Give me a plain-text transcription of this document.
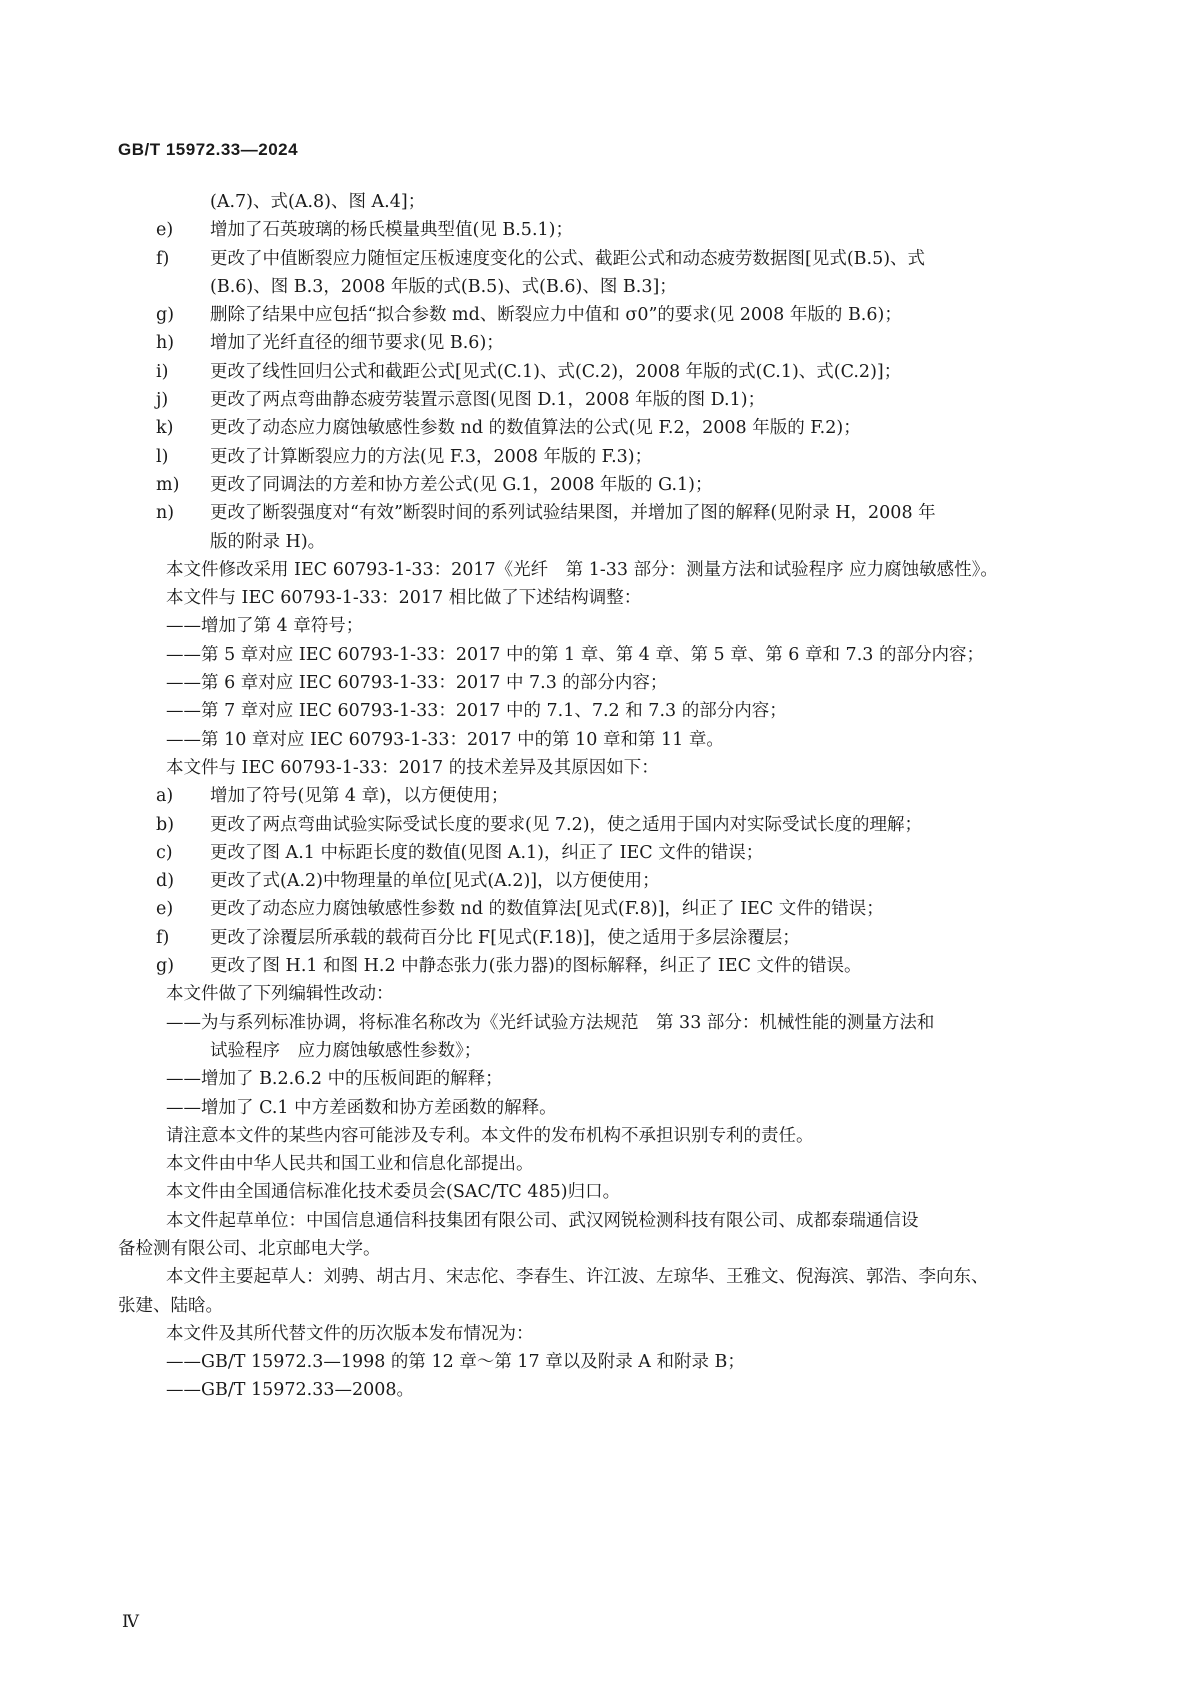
GB/T 15972.33—2024
(A.7)、式(A.8)、图 A.4]；
e) 增加了石英玻璃的杨氏模量典型值(见 B.5.1)；
f) 更改了中值断裂应力随恒定压板速度变化的公式、截距公式和动态疲劳数据图[见式(B.5)、式
(B.6)、图 B.3，2008 年版的式(B.5)、式(B.6)、图 B.3]；
g) 删除了结果中应包括“拟合参数 md、断裂应力中值和 σ0”的要求(见 2008 年版的 B.6)；
h) 增加了光纤直径的细节要求(见 B.6)；
i) 更改了线性回归公式和截距公式[见式(C.1)、式(C.2)，2008 年版的式(C.1)、式(C.2)]；
j) 更改了两点弯曲静态疲劳装置示意图(见图 D.1，2008 年版的图 D.1)；
k) 更改了动态应力腐蚀敏感性参数 nd 的数值算法的公式(见 F.2，2008 年版的 F.2)；
l) 更改了计算断裂应力的方法(见 F.3，2008 年版的 F.3)；
m) 更改了同调法的方差和协方差公式(见 G.1，2008 年版的 G.1)；
n) 更改了断裂强度对“有效”断裂时间的系列试验结果图，并增加了图的解释(见附录 H，2008 年
版的附录 H)。
本文件修改采用 IEC 60793-1-33：2017《光纤　第 1-33 部分：测量方法和试验程序 应力腐蚀敏感性》。
本文件与 IEC 60793-1-33：2017 相比做了下述结构调整：
——增加了第 4 章符号；
——第 5 章对应 IEC 60793-1-33：2017 中的第 1 章、第 4 章、第 5 章、第 6 章和 7.3 的部分内容；
——第 6 章对应 IEC 60793-1-33：2017 中 7.3 的部分内容；
——第 7 章对应 IEC 60793-1-33：2017 中的 7.1、7.2 和 7.3 的部分内容；
——第 10 章对应 IEC 60793-1-33：2017 中的第 10 章和第 11 章。
本文件与 IEC 60793-1-33：2017 的技术差异及其原因如下：
a) 增加了符号(见第 4 章)，以方便使用；
b) 更改了两点弯曲试验实际受试长度的要求(见 7.2)，使之适用于国内对实际受试长度的理解；
c) 更改了图 A.1 中标距长度的数值(见图 A.1)，纠正了 IEC 文件的错误；
d) 更改了式(A.2)中物理量的单位[见式(A.2)]，以方便使用；
e) 更改了动态应力腐蚀敏感性参数 nd 的数值算法[见式(F.8)]，纠正了 IEC 文件的错误；
f) 更改了涂覆层所承载的载荷百分比 F[见式(F.18)]，使之适用于多层涂覆层；
g) 更改了图 H.1 和图 H.2 中静态张力(张力器)的图标解释，纠正了 IEC 文件的错误。
本文件做了下列编辑性改动：
——为与系列标准协调，将标准名称改为《光纤试验方法规范　第 33 部分：机械性能的测量方法和
试验程序　应力腐蚀敏感性参数》；
——增加了 B.2.6.2 中的压板间距的解释；
——增加了 C.1 中方差函数和协方差函数的解释。
请注意本文件的某些内容可能涉及专利。本文件的发布机构不承担识别专利的责任。
本文件由中华人民共和国工业和信息化部提出。
本文件由全国通信标准化技术委员会(SAC/TC 485)归口。
本文件起草单位：中国信息通信科技集团有限公司、武汉网锐检测科技有限公司、成都泰瑞通信设
备检测有限公司、北京邮电大学。
本文件主要起草人：刘骋、胡古月、宋志佗、李春生、许江波、左琼华、王雅文、倪海滨、郭浩、李向东、
张建、陆晗。
本文件及其所代替文件的历次版本发布情况为：
——GB/T 15972.3—1998 的第 12 章～第 17 章以及附录 A 和附录 B；
——GB/T 15972.33—2008。
Ⅳ
